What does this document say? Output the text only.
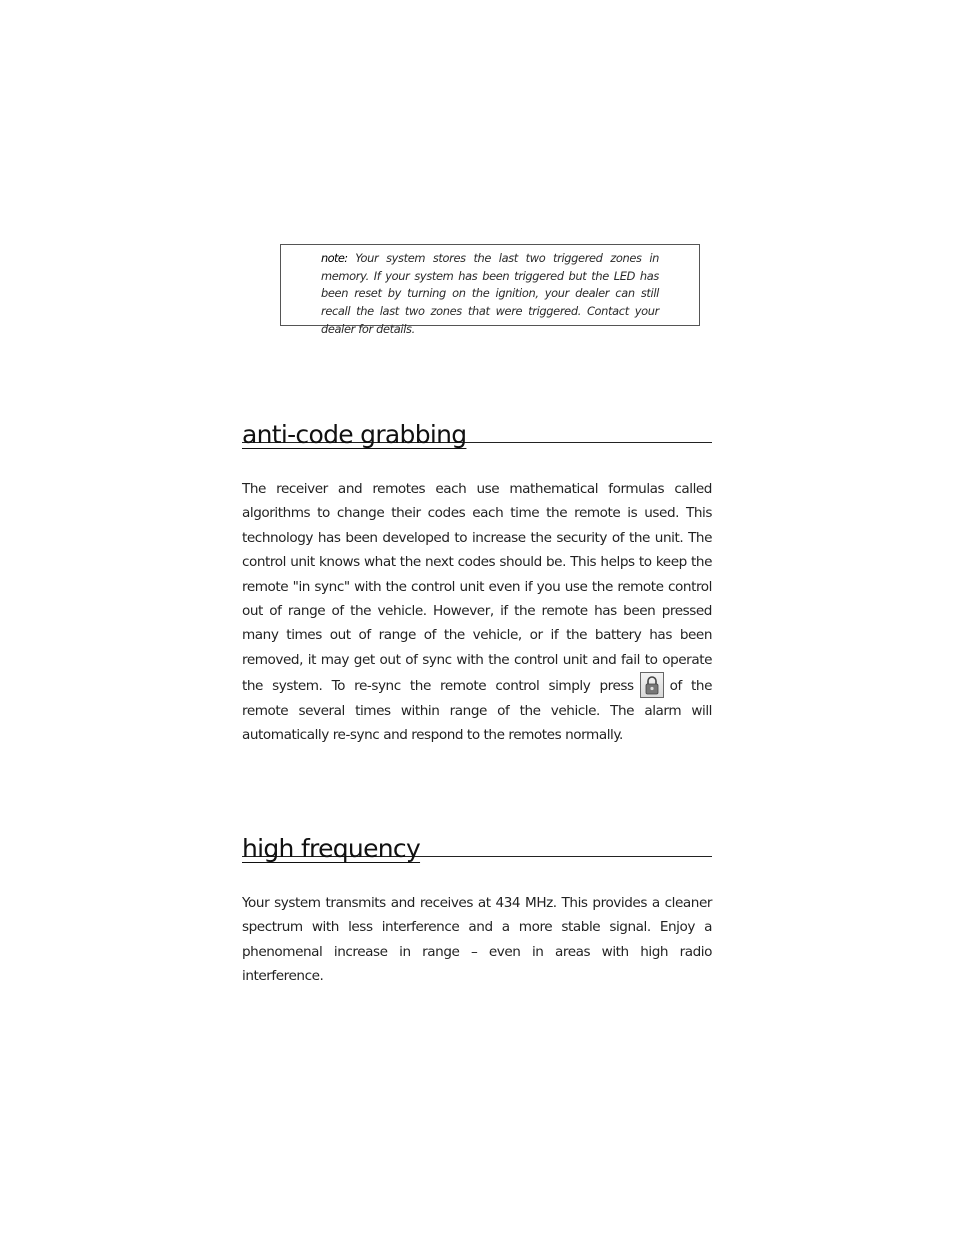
note: Your system stores the last two triggered zones in memory. If your system has been triggered but the LED has been reset by turning on the ignition, your dealer can still recall the last two zones that were triggered. Contact your dealer for details.

anti-code grabbing

The receiver and remotes each use mathematical formulas called algorithms to change their codes each time the remote is used. This technology has been developed to increase the security of the unit. The control unit knows what the next codes should be. This helps to keep the remote "in sync" with the control unit even if you use the remote control out of range of the vehicle. However, if the remote has been pressed many times out of range of the vehicle, or if the battery has been removed, it may get out of sync with the control unit and fail to operate the system. To re-sync the remote control simply press	of the remote several times within range of the vehicle. The alarm will automatically re-sync and respond to the remotes normally.

high frequency

Your system transmits and receives at 434 MHz. This provides a cleaner spectrum with less interference and a more stable signal. Enjoy a phenomenal increase in range – even in areas with high radio interference.
